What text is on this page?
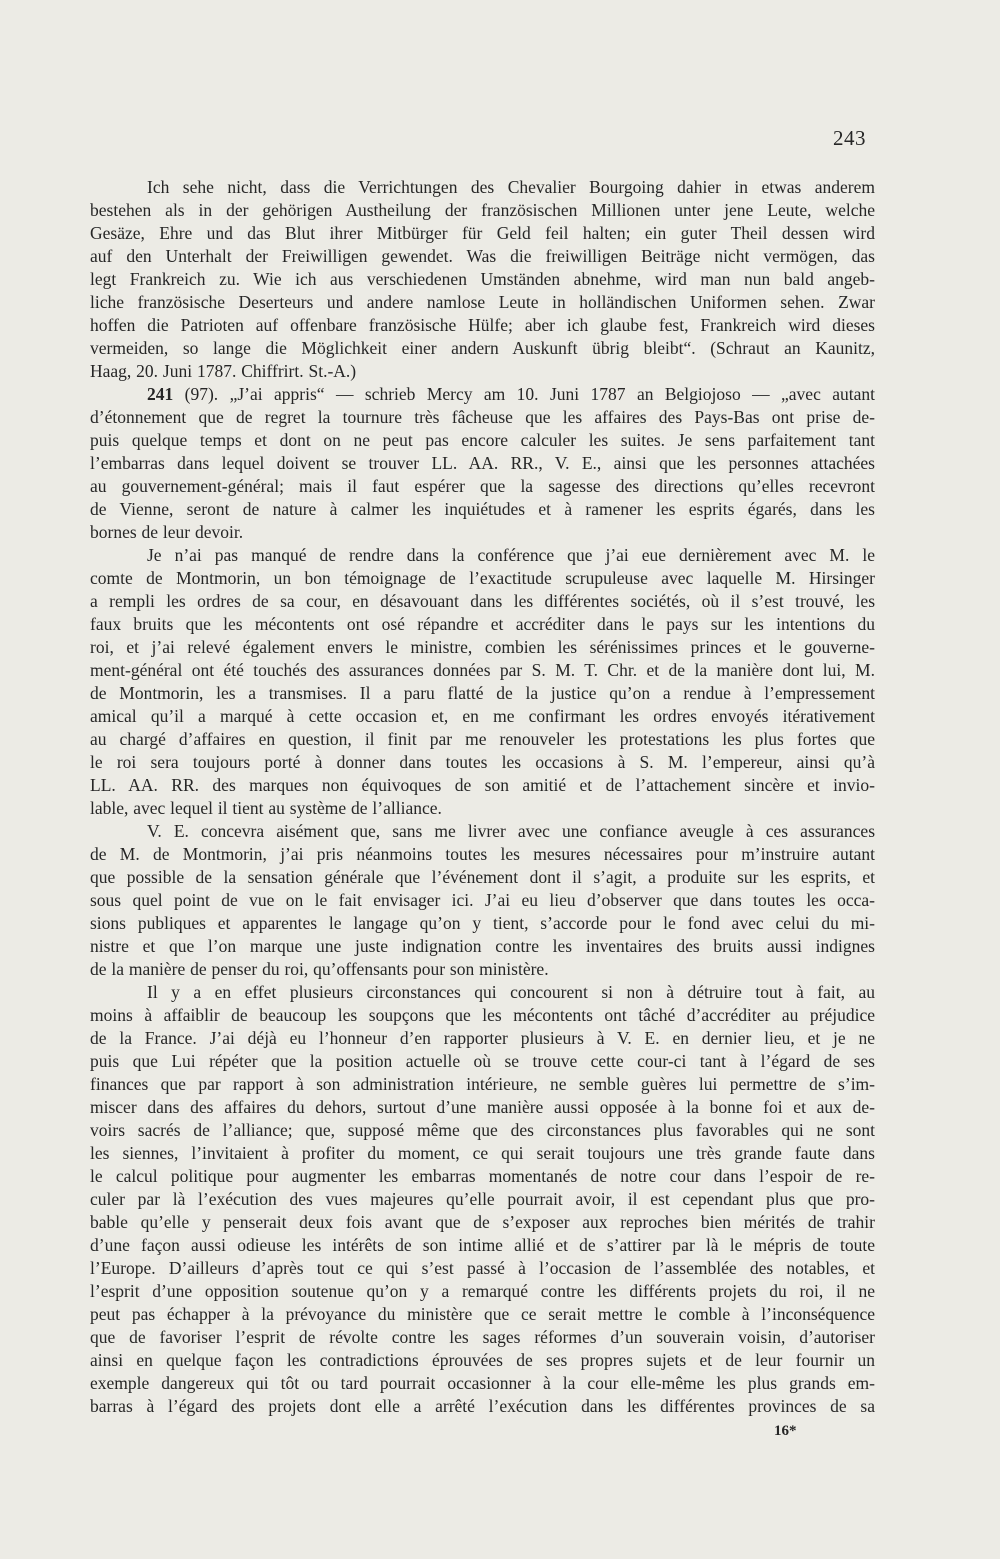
243
Ich sehe nicht, dass die Verrichtungen des Chevalier Bourgoing dahier in etwas anderem
bestehen als in der gehörigen Austheilung der französischen Millionen unter jene Leute, welche
Gesäze, Ehre und das Blut ihrer Mitbürger für Geld feil halten; ein guter Theil dessen wird
auf den Unterhalt der Freiwilligen gewendet. Was die freiwilligen Beiträge nicht vermögen, das
legt Frankreich zu. Wie ich aus verschiedenen Umständen abnehme, wird man nun bald angeb-
liche französische Deserteurs und andere namlose Leute in holländischen Uniformen sehen. Zwar
hoffen die Patrioten auf offenbare französische Hülfe; aber ich glaube fest, Frankreich wird dieses
vermeiden, so lange die Möglichkeit einer andern Auskunft übrig bleibt“. (Schraut an Kaunitz,
Haag, 20. Juni 1787. Chiffrirt. St.-A.)
241 (97). „J’ai appris“ — schrieb Mercy am 10. Juni 1787 an Belgiojoso — „avec autant
d’étonnement que de regret la tournure très fâcheuse que les affaires des Pays-Bas ont prise de-
puis quelque temps et dont on ne peut pas encore calculer les suites. Je sens parfaitement tant
l’embarras dans lequel doivent se trouver LL. AA. RR., V. E., ainsi que les personnes attachées
au gouvernement-général; mais il faut espérer que la sagesse des directions qu’elles recevront
de Vienne, seront de nature à calmer les inquiétudes et à ramener les esprits égarés, dans les
bornes de leur devoir.
Je n’ai pas manqué de rendre dans la conférence que j’ai eue dernièrement avec M. le
comte de Montmorin, un bon témoignage de l’exactitude scrupuleuse avec laquelle M. Hirsinger
a rempli les ordres de sa cour, en désavouant dans les différentes sociétés, où il s’est trouvé, les
faux bruits que les mécontents ont osé répandre et accréditer dans le pays sur les intentions du
roi, et j’ai relevé également envers le ministre, combien les sérénissimes princes et le gouverne-
ment-général ont été touchés des assurances données par S. M. T. Chr. et de la manière dont lui, M.
de Montmorin, les a transmises. Il a paru flatté de la justice qu’on a rendue à l’empressement
amical qu’il a marqué à cette occasion et, en me confirmant les ordres envoyés itérativement
au chargé d’affaires en question, il finit par me renouveler les protestations les plus fortes que
le roi sera toujours porté à donner dans toutes les occasions à S. M. l’empereur, ainsi qu’à
LL. AA. RR. des marques non équivoques de son amitié et de l’attachement sincère et invio-
lable, avec lequel il tient au système de l’alliance.
V. E. concevra aisément que, sans me livrer avec une confiance aveugle à ces assurances
de M. de Montmorin, j’ai pris néanmoins toutes les mesures nécessaires pour m’instruire autant
que possible de la sensation générale que l’événement dont il s’agit, a produite sur les esprits, et
sous quel point de vue on le fait envisager ici. J’ai eu lieu d’observer que dans toutes les occa-
sions publiques et apparentes le langage qu’on y tient, s’accorde pour le fond avec celui du mi-
nistre et que l’on marque une juste indignation contre les inventaires des bruits aussi indignes
de la manière de penser du roi, qu’offensants pour son ministère.
Il y a en effet plusieurs circonstances qui concourent si non à détruire tout à fait, au
moins à affaiblir de beaucoup les soupçons que les mécontents ont tâché d’accréditer au préjudice
de la France. J’ai déjà eu l’honneur d’en rapporter plusieurs à V. E. en dernier lieu, et je ne
puis que Lui répéter que la position actuelle où se trouve cette cour-ci tant à l’égard de ses
finances que par rapport à son administration intérieure, ne semble guères lui permettre de s’im-
miscer dans des affaires du dehors, surtout d’une manière aussi opposée à la bonne foi et aux de-
voirs sacrés de l’alliance; que, supposé même que des circonstances plus favorables qui ne sont
les siennes, l’invitaient à profiter du moment, ce qui serait toujours une très grande faute dans
le calcul politique pour augmenter les embarras momentanés de notre cour dans l’espoir de re-
culer par là l’exécution des vues majeures qu’elle pourrait avoir, il est cependant plus que pro-
bable qu’elle y penserait deux fois avant que de s’exposer aux reproches bien mérités de trahir
d’une façon aussi odieuse les intérêts de son intime allié et de s’attirer par là le mépris de toute
l’Europe. D’ailleurs d’après tout ce qui s’est passé à l’occasion de l’assemblée des notables, et
l’esprit d’une opposition soutenue qu’on y a remarqué contre les différents projets du roi, il ne
peut pas échapper à la prévoyance du ministère que ce serait mettre le comble à l’inconséquence
que de favoriser l’esprit de révolte contre les sages réformes d’un souverain voisin, d’autoriser
ainsi en quelque façon les contradictions éprouvées de ses propres sujets et de leur fournir un
exemple dangereux qui tôt ou tard pourrait occasionner à la cour elle-même les plus grands em-
barras à l’égard des projets dont elle a arrêté l’exécution dans les différentes provinces de sa
16*
